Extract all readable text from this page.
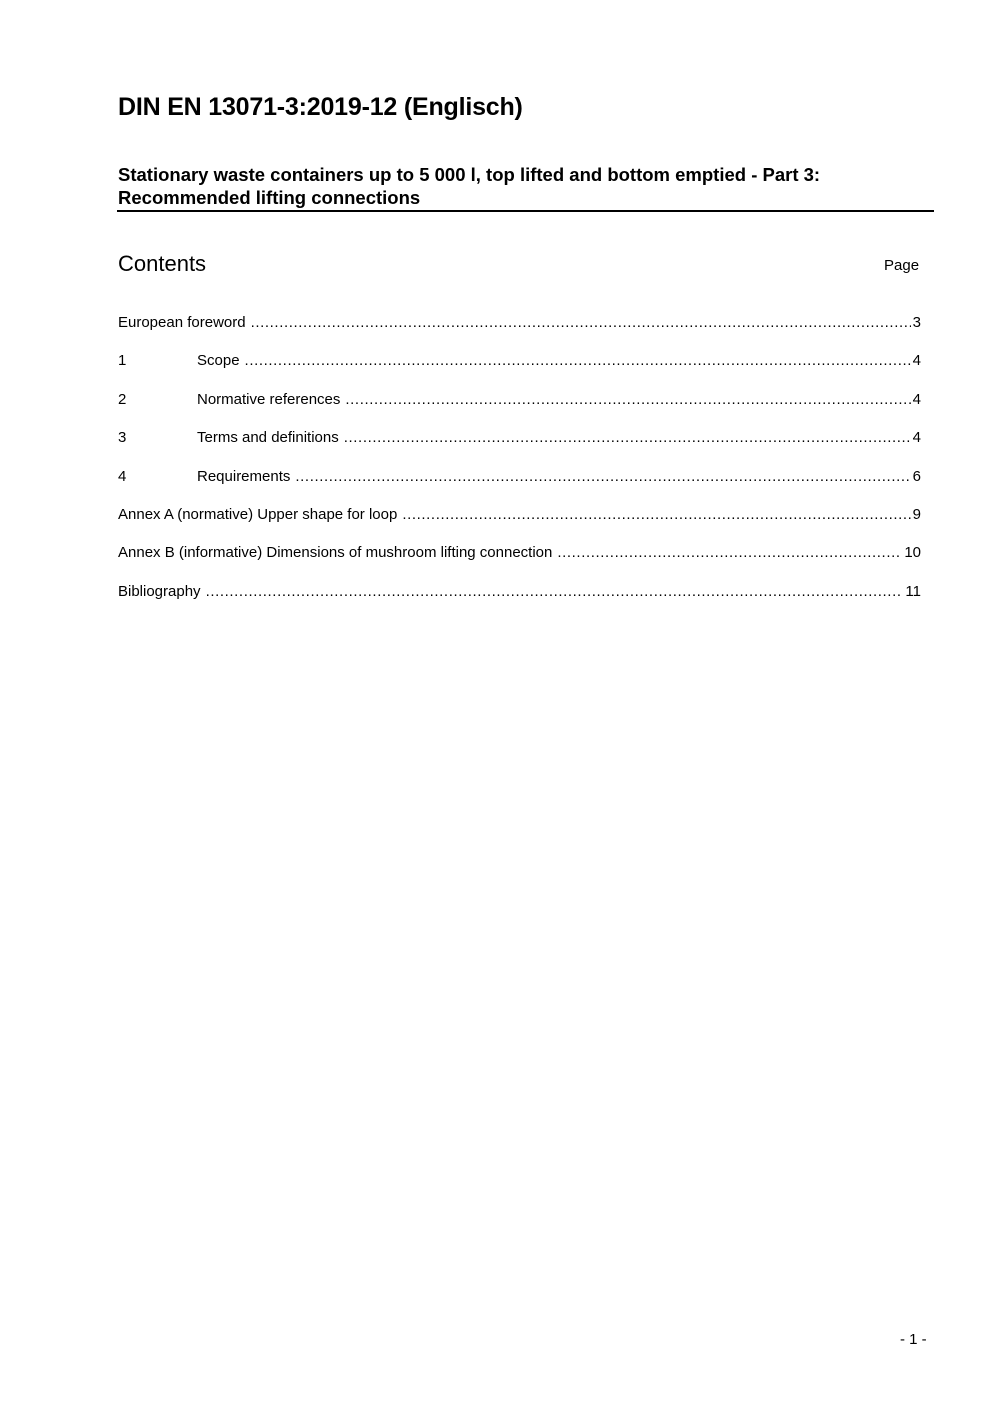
DIN EN 13071-3:2019-12 (Englisch)
Stationary waste containers up to 5 000 l, top lifted and bottom emptied - Part 3: Recommended lifting connections
Contents	Page
European foreword .....	3
1	Scope .....	4
2	Normative references .....	4
3	Terms and definitions .....	4
4	Requirements .....	6
Annex A (normative) Upper shape for loop .....	9
Annex B (informative) Dimensions of mushroom lifting connection .....	10
Bibliography .....	11
- 1 -
